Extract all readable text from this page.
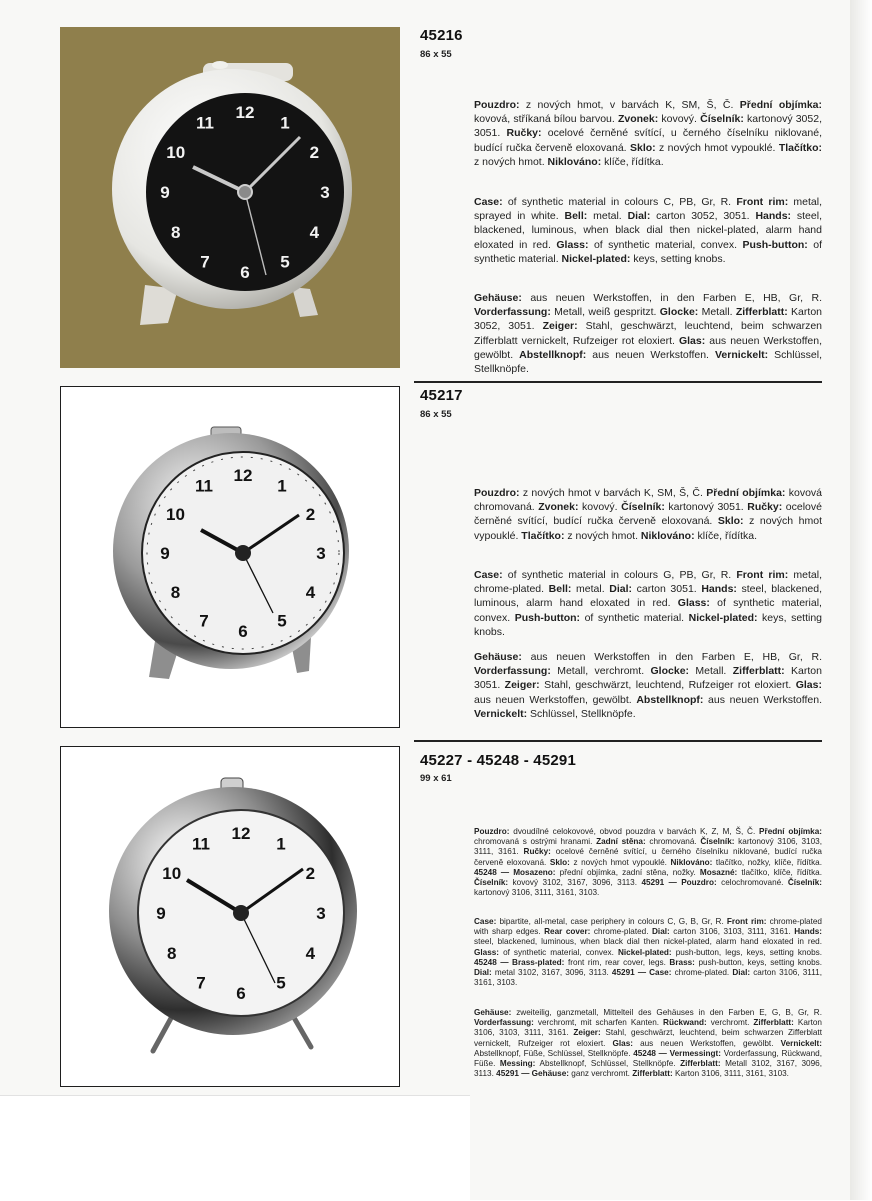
12
1
2
3
4
5
6
7
8
9
10
11
45216
86 x 55
Pouzdro: z nových hmot, v barvách K, SM, Š, Č. Přední objímka: kovová, stříkaná bílou barvou. Zvonek: kovový. Číselník: kartonový 3052, 3051. Ručky: ocelové černěné svítící, u černého číselníku niklované, budící ručka červeně eloxovaná. Sklo: z nových hmot vypouklé. Tlačítko: z nových hmot. Niklováno: klíče, řídítka.
Case: of synthetic material in colours C, PB, Gr, R. Front rim: metal, sprayed in white. Bell: metal. Dial: carton 3052, 3051. Hands: steel, blackened, luminous, when black dial then nickel-plated, alarm hand eloxated in red. Glass: of synthetic material, convex. Push-button: of synthetic material. Nickel-plated: keys, setting knobs.
Gehäuse: aus neuen Werkstoffen, in den Farben E, HB, Gr, R. Vorderfassung: Metall, weiß gespritzt. Glocke: Metall. Zifferblatt: Karton 3052, 3051. Zeiger: Stahl, geschwärzt, leuchtend, beim schwarzen Zifferblatt vernickelt, Rufzeiger rot eloxiert. Glas: aus neuen Werkstoffen, gewölbt. Abstellknopf: aus neuen Werkstoffen. Vernickelt: Schlüssel, Stellknöpfe.
12
1
2
3
4
5
6
7
8
9
10
11
45217
86 x 55
Pouzdro: z nových hmot v barvách K, SM, Š, Č. Přední objímka: kovová chromovaná. Zvonek: kovový. Číselník: kartonový 3051. Ručky: ocelové černěné svítící, budící ručka červeně eloxovaná. Sklo: z nových hmot vypouklé. Tlačítko: z nových hmot. Niklováno: klíče, řídítka.
Case: of synthetic material in colours G, PB, Gr, R. Front rim: metal, chrome-plated. Bell: metal. Dial: carton 3051. Hands: steel, blackened, luminous, alarm hand eloxated in red. Glass: of synthetic material, convex. Push-button: of synthetic material. Nickel-plated: keys, setting knobs.
Gehäuse: aus neuen Werkstoffen in den Farben E, HB, Gr, R. Vorderfassung: Metall, verchromt. Glocke: Metall. Zifferblatt: Karton 3051. Zeiger: Stahl, geschwärzt, leuchtend, Rufzeiger rot eloxiert. Glas: aus neuen Werkstoffen, gewölbt. Abstellknopf: aus neuen Werkstoffen. Vernickelt: Schlüssel, Stellknöpfe.
12
1
2
3
4
5
6
7
8
9
10
11
45227 - 45248 - 45291
99 x 61
Pouzdro: dvoudílné celokovové, obvod pouzdra v barvách K, Z, M, Š, Č. Přední objímka: chromovaná s ostrými hranami. Zadní stěna: chromovaná. Číselník: kartonový 3106, 3103, 3111, 3161. Ručky: ocelové černěné svítící, u černého číselníku niklované, budící ručka červeně eloxovaná. Sklo: z nových hmot vypouklé. Niklováno: tlačítko, nožky, klíče, řídítka. 45248 — Mosazeno: přední objímka, zadní stěna, nožky. Mosazné: tlačítko, klíče, řídítka. Číselník: kovový 3102, 3167, 3096, 3113. 45291 — Pouzdro: celochromované. Číselník: kartonový 3106, 3111, 3161, 3103.
Case: bipartite, all-metal, case periphery in colours C, G, B, Gr, R. Front rim: chrome-plated with sharp edges. Rear cover: chrome-plated. Dial: carton 3106, 3103, 3111, 3161. Hands: steel, blackened, luminous, when black dial then nickel-plated, alarm hand eloxated in red. Glass: of synthetic material, convex. Nickel-plated: push-button, legs, keys, setting knobs. 45248 — Brass-plated: front rim, rear cover, legs. Brass: push-button, keys, setting knobs. Dial: metal 3102, 3167, 3096, 3113. 45291 — Case: chrome-plated. Dial: carton 3106, 3111, 3161, 3103.
Gehäuse: zweiteilig, ganzmetall, Mittelteil des Gehäuses in den Farben E, G, B, Gr, R. Vorderfassung: verchromt, mit scharfen Kanten. Rückwand: verchromt. Zifferblatt: Karton 3106, 3103, 3111, 3161. Zeiger: Stahl, geschwärzt, leuchtend, beim schwarzen Zifferblatt vernickelt, Rufzeiger rot eloxiert. Glas: aus neuen Werkstoffen, gewölbt. Vernickelt: Abstellknopf, Füße, Schlüssel, Stellknöpfe. 45248 — Vermessingt: Vorderfassung, Rückwand, Füße. Messing: Abstellknopf, Schlüssel, Stellknöpfe. Zifferblatt: Metall 3102, 3167, 3096, 3113. 45291 — Gehäuse: ganz verchromt. Zifferblatt: Karton 3106, 3111, 3161, 3103.
